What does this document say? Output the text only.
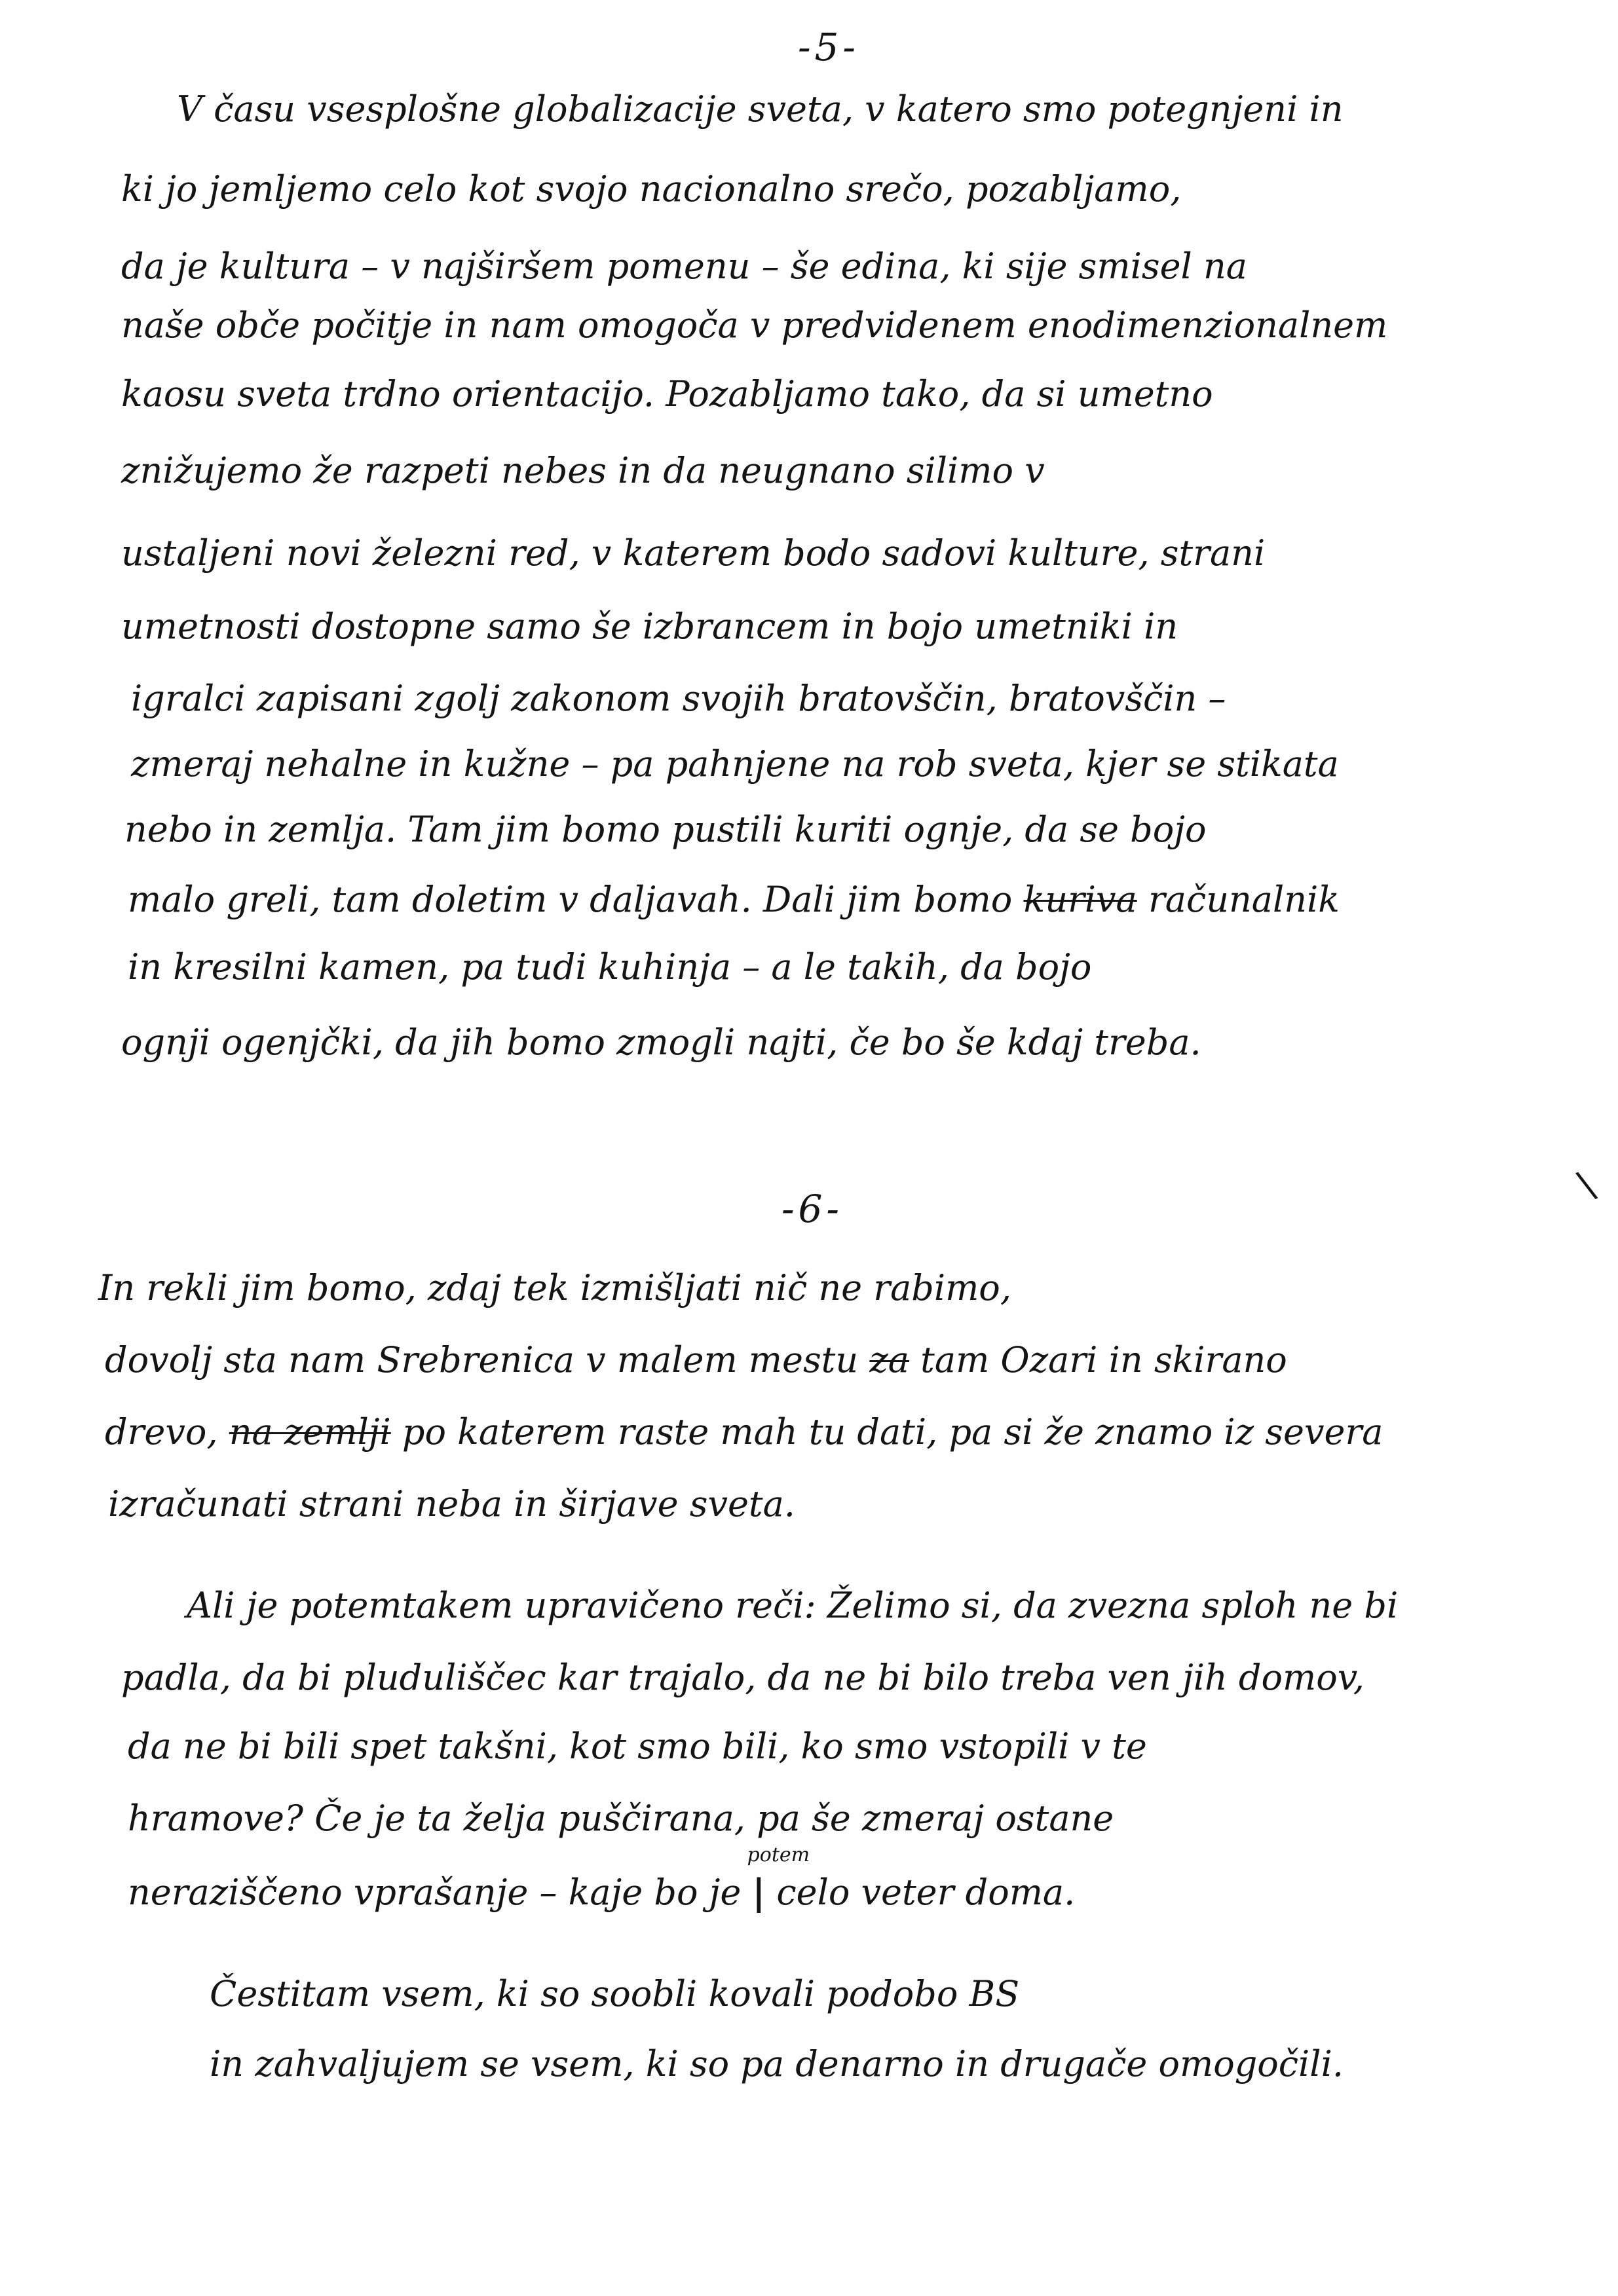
-5-
V času vsesplošne globalizacije sveta, v katero smo potegnjeni in
ki jo jemljemo celo kot svojo nacionalno srečo, pozabljamo,
da je kultura – v najširšem pomenu – še edina, ki sije smisel na
naše obče počitje in nam omogoča v predvidenem enodimenzionalnem
kaosu sveta trdno orientacijo. Pozabljamo tako, da si umetno
znižujemo že razpeti nebes in da neugnano silimo v
ustaljeni novi železni red, v katerem bodo sadovi kulture, strani
umetnosti dostopne samo še izbrancem in bojo umetniki in
igralci zapisani zgolj zakonom svojih bratovščin, bratovščin –
zmeraj nehalne in kužne – pa pahnjene na rob sveta, kjer se stikata
nebo in zemlja. Tam jim bomo pustili kuriti ognje, da se bojo
malo greli, tam doletim v daljavah. Dali jim bomo kuriva računalnik
in kresilni kamen, pa tudi kuhinja – a le takih, da bojo
ognji ogenjčki, da jih bomo zmogli najti, če bo še kdaj treba.
-6-
\
In rekli jim bomo, zdaj tek izmišljati nič ne rabimo,
dovolj sta nam Srebrenica v malem mestu za tam Ozari in skirano
drevo, na zemlji po katerem raste mah tu dati, pa si že znamo iz severa
izračunati strani neba in širjave sveta.
Ali je potemtakem upravičeno reči: Želimo si, da zvezna sploh ne bi
padla, da bi pluduliščec kar trajalo, da ne bi bilo treba ven jih domov,
da ne bi bili spet takšni, kot smo bili, ko smo vstopili v te
hramove? Če je ta želja puščirana, pa še zmeraj ostane
neraziščeno vprašanje – kaje bo je
potem
| celo veter doma.
Čestitam vsem, ki so soobli kovali podobo BS
in zahvaljujem se vsem, ki so pa denarno in drugače omogočili.
